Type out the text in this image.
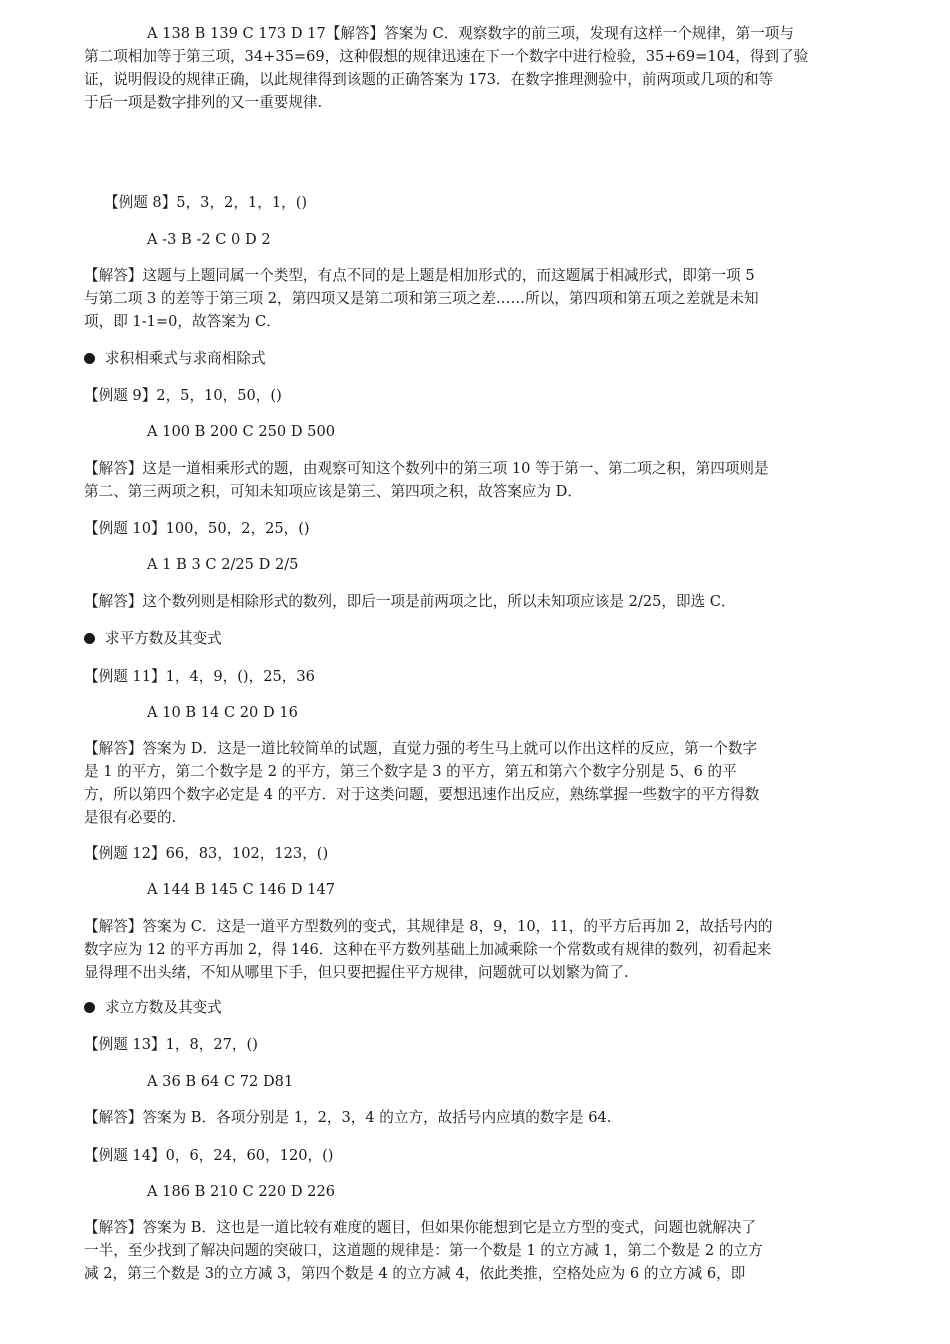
A 138 B 139 C 173 D 17【解答】答案为 C．观察数字的前三项，发现有这样一个规律，第一项与
第二项相加等于第三项，34+35=69，这种假想的规律迅速在下一个数字中进行检验，35+69=104，得到了验
证，说明假设的规律正确，以此规律得到该题的正确答案为 173．在数字推理测验中，前两项或几项的和等
于后一项是数字排列的又一重要规律.
【例题 8】5，3，2，1，1，()
A -3 B -2 C 0 D 2
【解答】这题与上题同属一个类型，有点不同的是上题是相加形式的，而这题属于相减形式，即第一项 5
与第二项 3 的差等于第三项 2，第四项又是第二项和第三项之差……所以，第四项和第五项之差就是未知
项，即 1-1=0，故答案为 C．
求积相乘式与求商相除式
【例题 9】2，5，10，50，()
A 100 B 200 C 250 D 500
【解答】这是一道相乘形式的题，由观察可知这个数列中的第三项 10 等于第一、第二项之积，第四项则是
第二、第三两项之积，可知未知项应该是第三、第四项之积，故答案应为 D．
【例题 10】100，50，2，25，()
A 1 B 3 C 2/25 D 2/5
【解答】这个数列则是相除形式的数列，即后一项是前两项之比，所以未知项应该是 2/25，即选 C．
求平方数及其变式
【例题 11】1，4，9，()，25，36
A 10 B 14 C 20 D 16
【解答】答案为 D．这是一道比较简单的试题，直觉力强的考生马上就可以作出这样的反应，第一个数字
是 1 的平方，第二个数字是 2 的平方，第三个数字是 3 的平方，第五和第六个数字分别是 5、6 的平
方，所以第四个数字必定是 4 的平方．对于这类问题，要想迅速作出反应，熟练掌握一些数字的平方得数
是很有必要的.
【例题 12】66，83，102，123，()
A 144 B 145 C 146 D 147
【解答】答案为 C．这是一道平方型数列的变式，其规律是 8，9，10，11，的平方后再加 2，故括号内的
数字应为 12 的平方再加 2，得 146．这种在平方数列基础上加减乘除一个常数或有规律的数列，初看起来
显得理不出头绪，不知从哪里下手，但只要把握住平方规律，问题就可以划繁为简了.
求立方数及其变式
【例题 13】1，8，27，()
A 36 B 64 C 72 D81
【解答】答案为 B．各项分别是 1，2，3，4 的立方，故括号内应填的数字是 64.
【例题 14】0，6，24，60，120，()
A 186 B 210 C 220 D 226
【解答】答案为 B．这也是一道比较有难度的题目，但如果你能想到它是立方型的变式，问题也就解决了
一半，至少找到了解决问题的突破口，这道题的规律是：第一个数是 1 的立方减 1，第二个数是 2 的立方
减 2，第三个数是 3的立方减 3，第四个数是 4 的立方减 4，依此类推，空格处应为 6 的立方减 6，即
